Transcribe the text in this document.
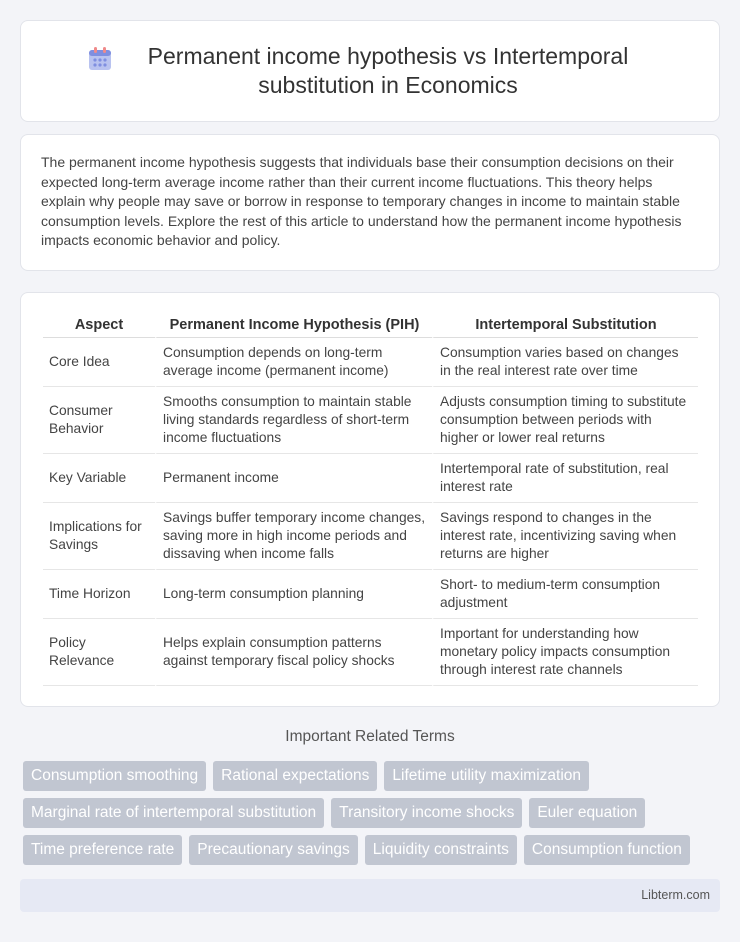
Permanent income hypothesis vs Intertemporal substitution in Economics

The permanent income hypothesis suggests that individuals base their consumption decisions on their expected long-term average income rather than their current income fluctuations. This theory helps explain why people may save or borrow in response to temporary changes in income to maintain stable consumption levels. Explore the rest of this article to understand how the permanent income hypothesis impacts economic behavior and policy.

Aspect	Permanent Income Hypothesis (PIH)	Intertemporal Substitution
Core Idea	Consumption depends on long-term average income (permanent income)	Consumption varies based on changes in the real interest rate over time
Consumer Behavior	Smooths consumption to maintain stable living standards regardless of short-term income fluctuations	Adjusts consumption timing to substitute consumption between periods with higher or lower real returns
Key Variable	Permanent income	Intertemporal rate of substitution, real interest rate
Implications for Savings	Savings buffer temporary income changes, saving more in high income periods and dissaving when income falls	Savings respond to changes in the interest rate, incentivizing saving when returns are higher
Time Horizon	Long-term consumption planning	Short- to medium-term consumption adjustment
Policy Relevance	Helps explain consumption patterns against temporary fiscal policy shocks	Important for understanding how monetary policy impacts consumption through interest rate channels
Important Related Terms
Consumption smoothing	Rational expectations	Lifetime utility maximization
Marginal rate of intertemporal substitution	Transitory income shocks	Euler equation
Time preference rate	Precautionary savings	Liquidity constraints	Consumption function
Libterm.com
